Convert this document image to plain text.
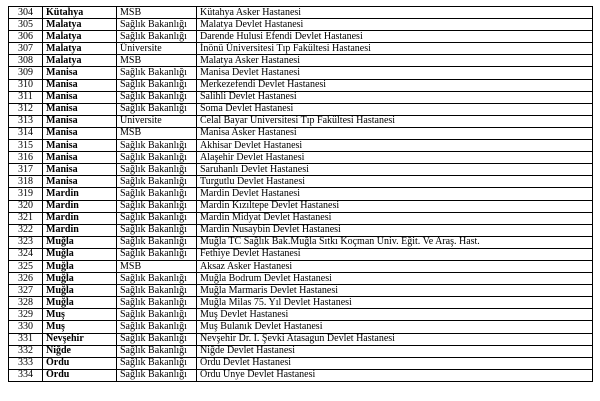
304	Kütahya	MSB	Kütahya Asker Hastanesi
305	Malatya	Sağlık Bakanlığı	Malatya Devlet Hastanesi
306	Malatya	Sağlık Bakanlığı	Darende Hulusi Efendi Devlet Hastanesi
307	Malatya	Üniversite	İnönü Üniversitesi Tıp Fakültesi Hastanesi
308	Malatya	MSB	Malatya Asker Hastanesi
309	Manisa	Sağlık Bakanlığı	Manisa Devlet Hastanesi
310	Manisa	Sağlık Bakanlığı	Merkezefendi Devlet Hastanesi
311	Manisa	Sağlık Bakanlığı	Salihli Devlet Hastanesi
312	Manisa	Sağlık Bakanlığı	Soma Devlet Hastanesi
313	Manisa	Üniversite	Celal Bayar Üniversitesi Tıp Fakültesi Hastanesi
314	Manisa	MSB	Manisa Asker Hastanesi
315	Manisa	Sağlık Bakanlığı	Akhisar Devlet Hastanesi
316	Manisa	Sağlık Bakanlığı	Alaşehir Devlet Hastanesi
317	Manisa	Sağlık Bakanlığı	Saruhanlı Devlet Hastanesi
318	Manisa	Sağlık Bakanlığı	Turgutlu Devlet Hastanesi
319	Mardin	Sağlık Bakanlığı	Mardin Devlet Hastanesi
320	Mardin	Sağlık Bakanlığı	Mardin Kızıltepe Devlet Hastanesi
321	Mardin	Sağlık Bakanlığı	Mardin Midyat Devlet Hastanesi
322	Mardin	Sağlık Bakanlığı	Mardin Nusaybin Devlet Hastanesi
323	Muğla	Sağlık Bakanlığı	Muğla TC Sağlık Bak.Muğla Sıtkı Koçman Üniv. Eğit. Ve Araş. Hast.
324	Muğla	Sağlık Bakanlığı	Fethiye Devlet Hastanesi
325	Muğla	MSB	Aksaz Asker Hastanesi
326	Muğla	Sağlık Bakanlığı	Muğla Bodrum Devlet Hastanesi
327	Muğla	Sağlık Bakanlığı	Muğla Marmaris Devlet Hastanesi
328	Muğla	Sağlık Bakanlığı	Muğla Milas 75. Yıl Devlet Hastanesi
329	Muş	Sağlık Bakanlığı	Muş Devlet Hastanesi
330	Muş	Sağlık Bakanlığı	Muş Bulanık Devlet Hastanesi
331	Nevşehir	Sağlık Bakanlığı	Nevşehir Dr. İ. Şevki Atasagun Devlet Hastanesi
332	Niğde	Sağlık Bakanlığı	Niğde Devlet Hastanesi
333	Ordu	Sağlık Bakanlığı	Ordu Devlet Hastanesi
334	Ordu	Sağlık Bakanlığı	Ordu Ünye Devlet Hastanesi
